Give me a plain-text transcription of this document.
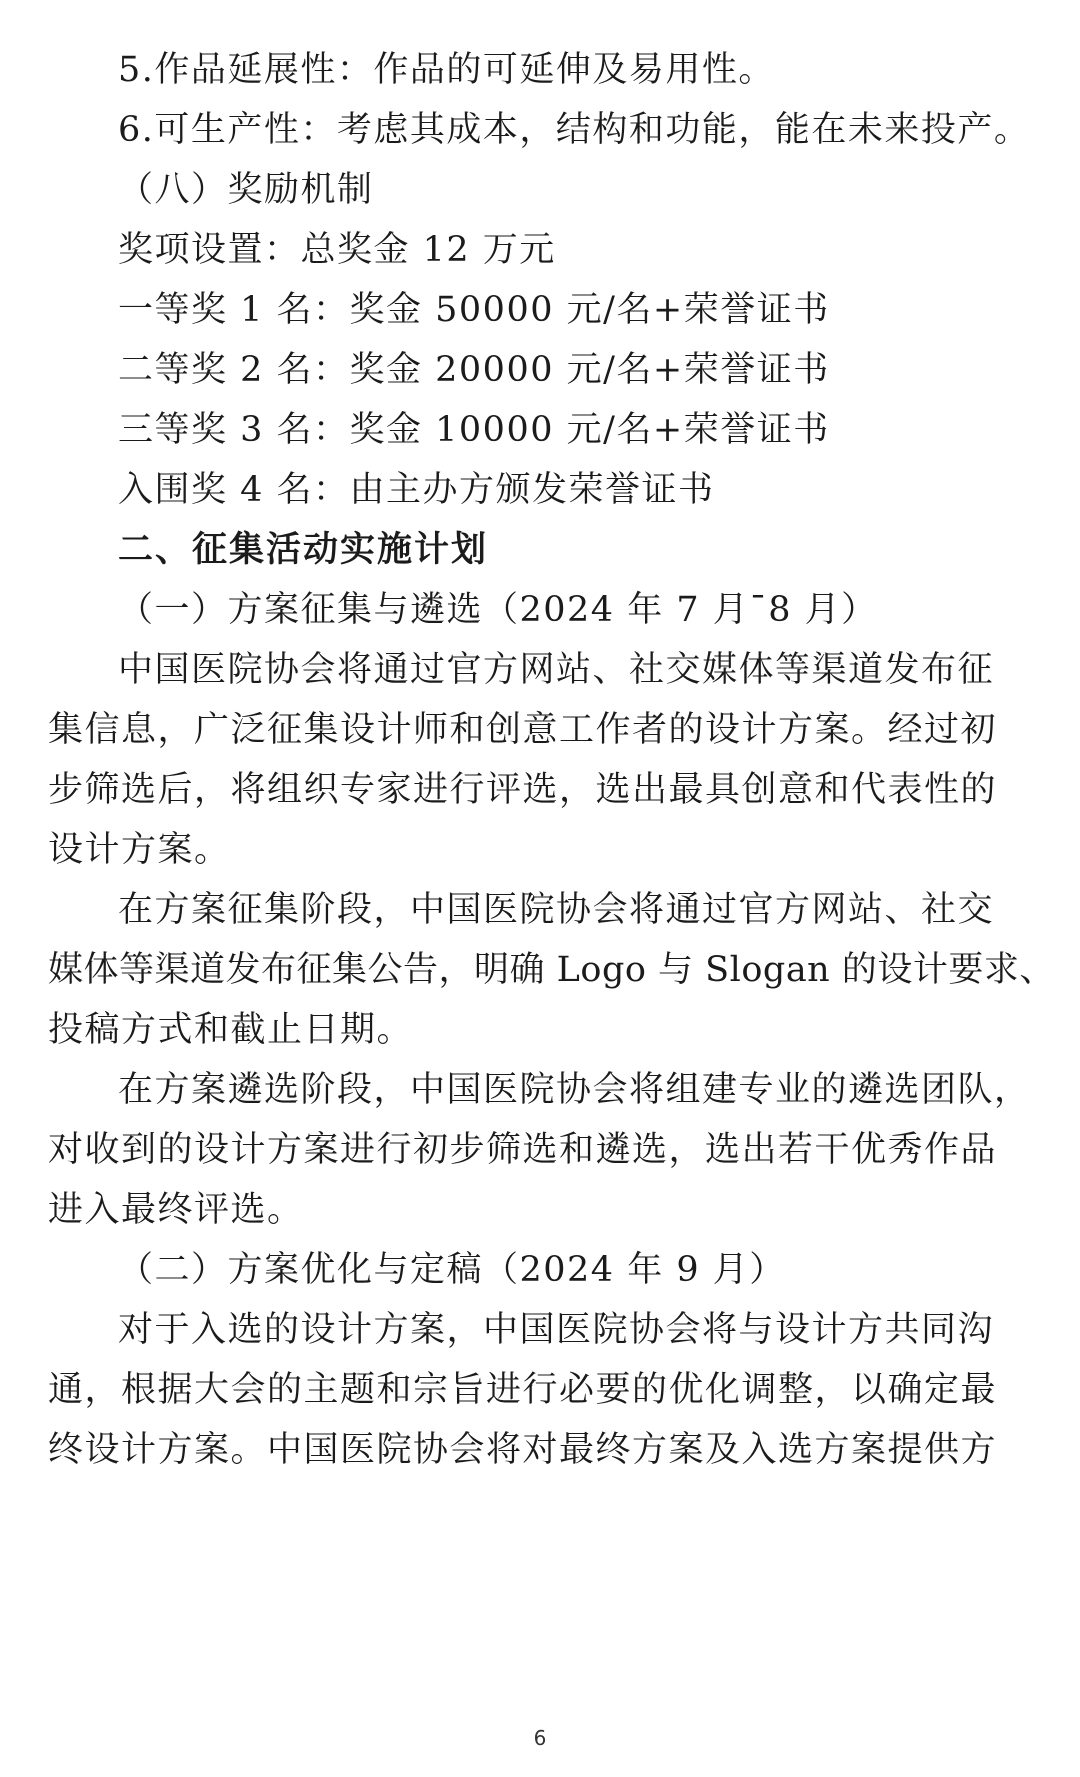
5.作品延展性：作品的可延伸及易用性。
6.可生产性：考虑其成本，结构和功能，能在未来投产。
（八）奖励机制
奖项设置：总奖金 12 万元
一等奖 1 名：奖金 50000 元/名+荣誉证书
二等奖 2 名：奖金 20000 元/名+荣誉证书
三等奖 3 名：奖金 10000 元/名+荣誉证书
入围奖 4 名：由主办方颁发荣誉证书
二、征集活动实施计划
（一）方案征集与遴选（2024 年 7 月¯8 月）
中国医院协会将通过官方网站、社交媒体等渠道发布征
集信息，广泛征集设计师和创意工作者的设计方案。经过初
步筛选后，将组织专家进行评选，选出最具创意和代表性的
设计方案。
在方案征集阶段，中国医院协会将通过官方网站、社交
媒体等渠道发布征集公告，明确 Logo 与 Slogan 的设计要求、
投稿方式和截止日期。
在方案遴选阶段，中国医院协会将组建专业的遴选团队，
对收到的设计方案进行初步筛选和遴选，选出若干优秀作品
进入最终评选。
（二）方案优化与定稿（2024 年 9 月）
对于入选的设计方案，中国医院协会将与设计方共同沟
通，根据大会的主题和宗旨进行必要的优化调整，以确定最
终设计方案。中国医院协会将对最终方案及入选方案提供方
6
